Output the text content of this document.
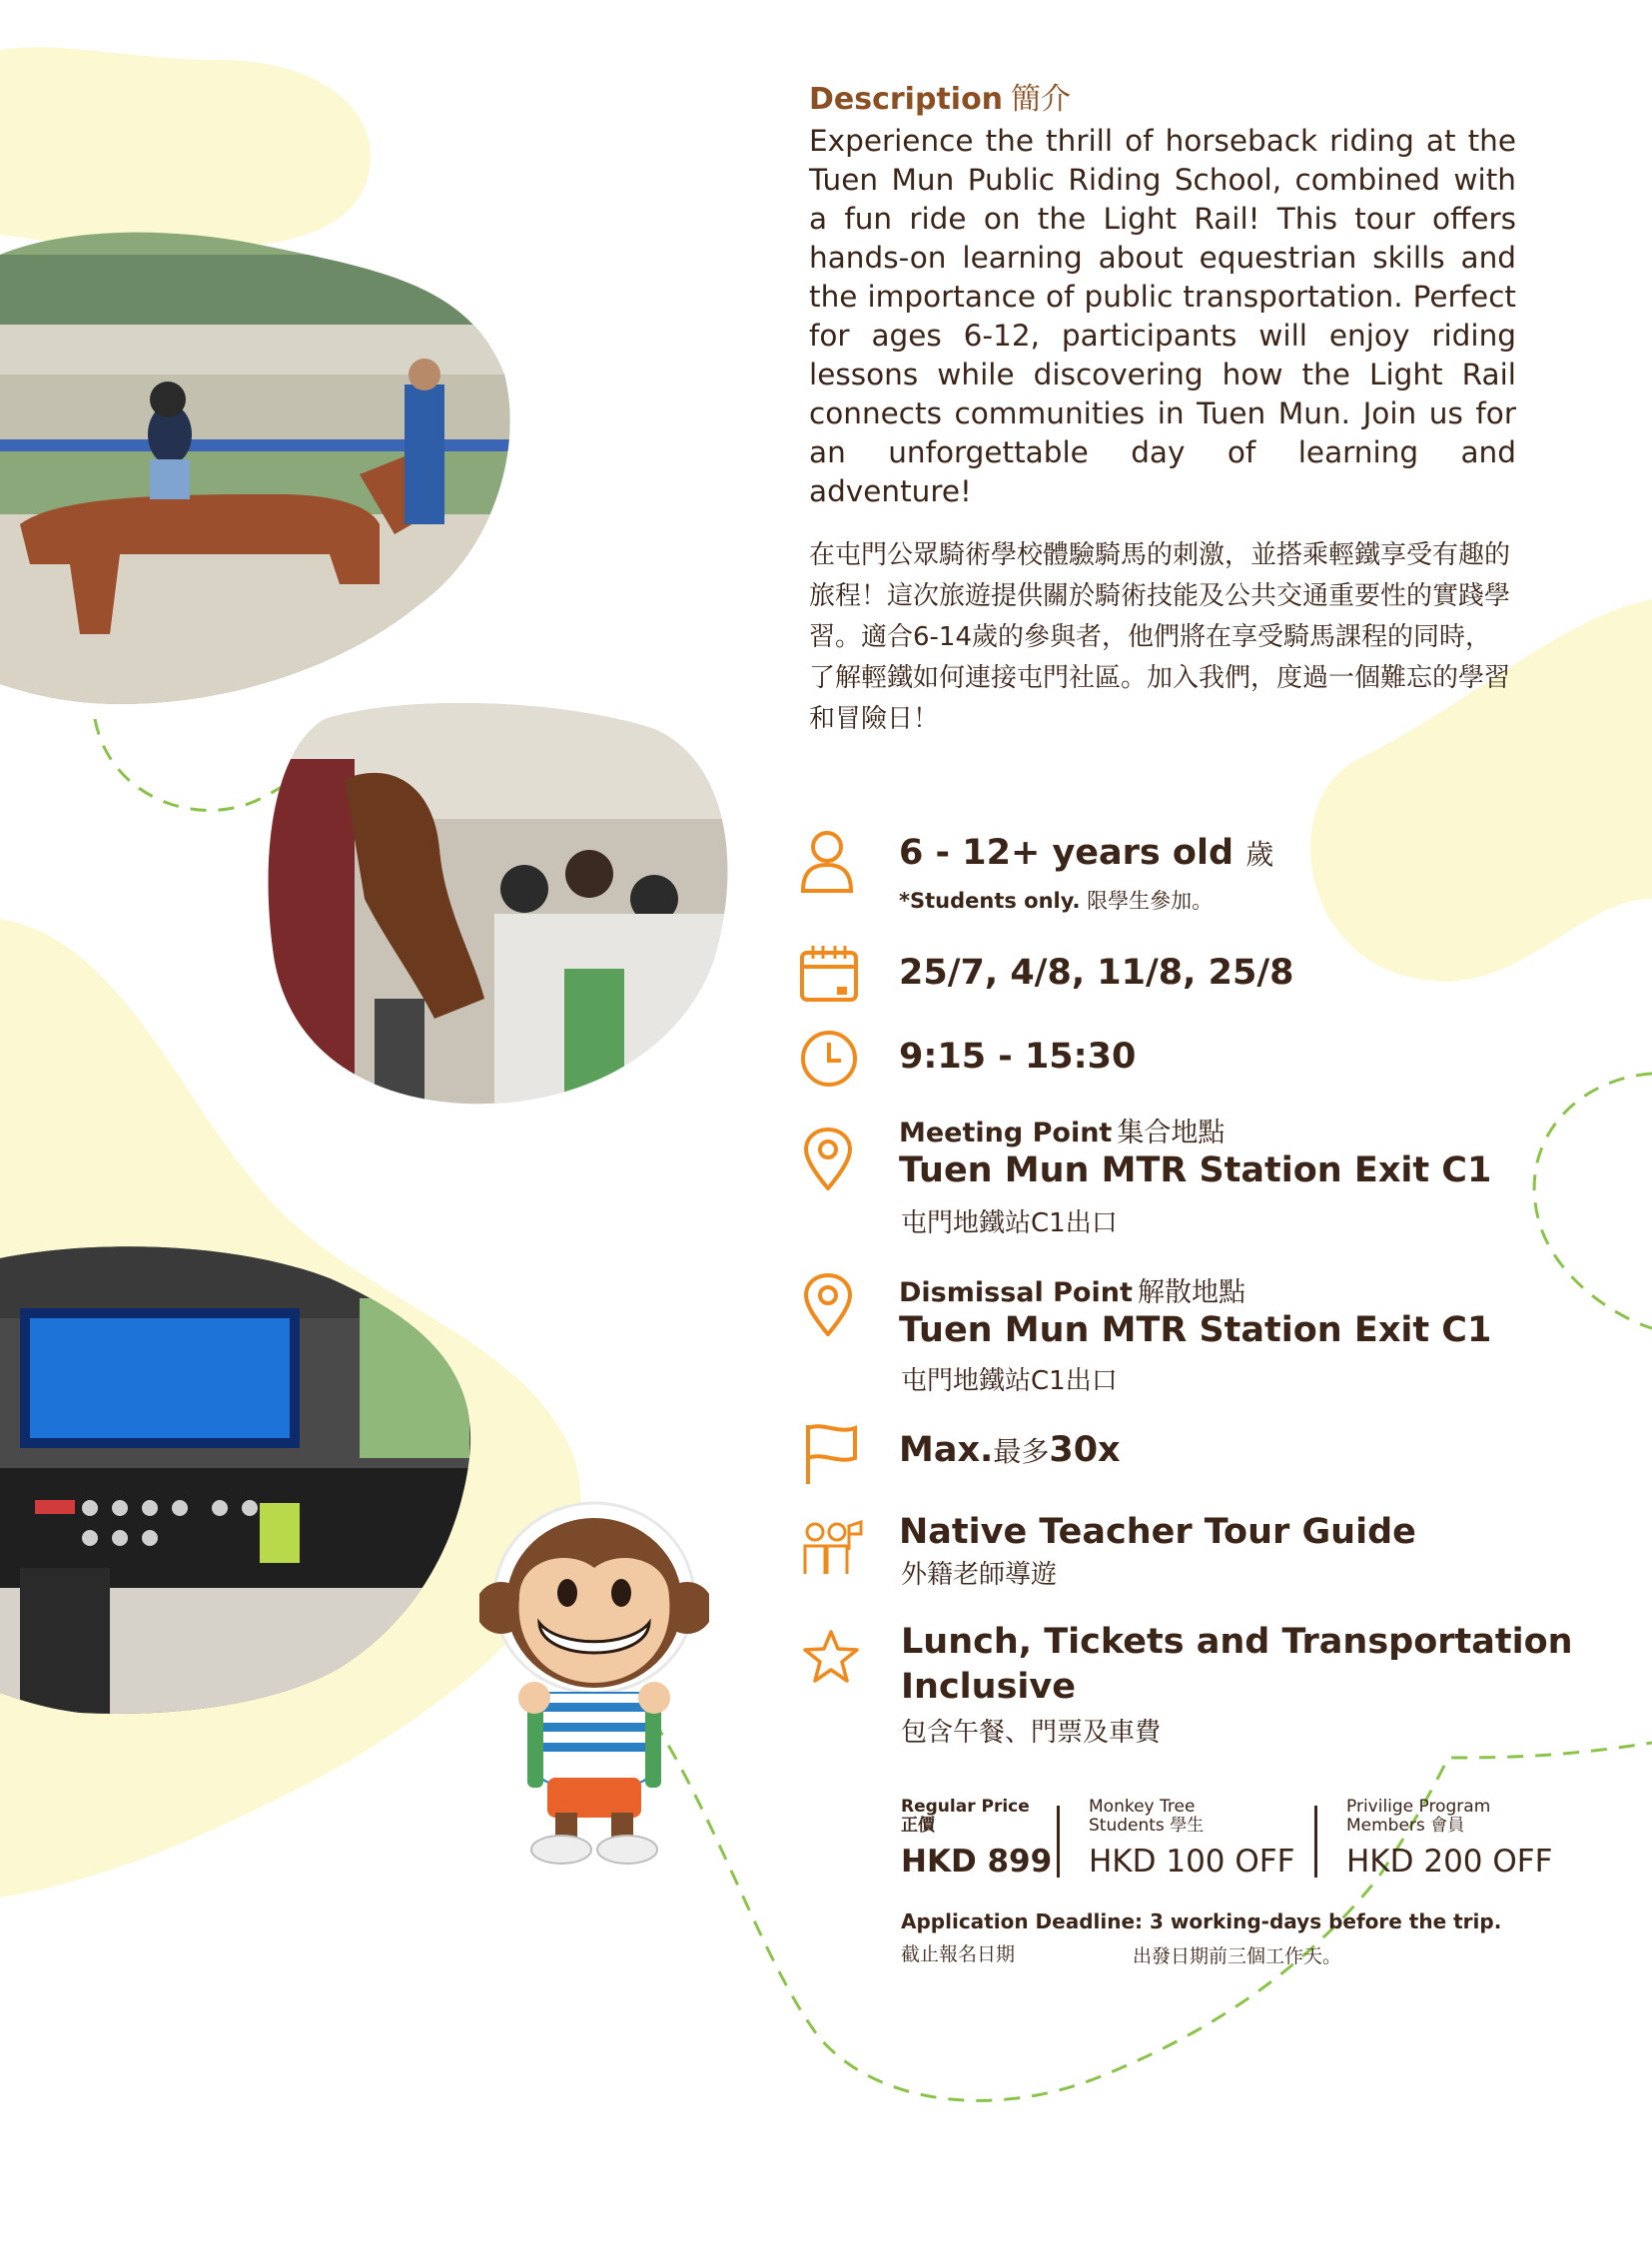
Description 簡介
Experience the thrill of horseback riding at the Tuen Mun Public Riding School, combined with a fun ride on the Light Rail! This tour offers hands-on learning about equestrian skills and the importance of public transportation. Perfect for ages 6-12, participants will enjoy riding lessons while discovering how the Light Rail connects communities in Tuen Mun. Join us for an unforgettable day of learning and adventure!
在屯門公眾騎術學校體驗騎馬的刺激，並搭乘輕鐵享受有趣的旅程！這次旅遊提供關於騎術技能及公共交通重要性的實踐學習。適合6-14歲的參與者，他們將在享受騎馬課程的同時，了解輕鐵如何連接屯門社區。加入我們，度過一個難忘的學習和冒險日！
6 - 12+ years old 歲
*Students only. 限學生參加。
25/7, 4/8, 11/8, 25/8
9:15 - 15:30
Meeting Point 集合地點
Tuen Mun MTR Station Exit C1
屯門地鐵站C1出口
Dismissal Point 解散地點
Tuen Mun MTR Station Exit C1
屯門地鐵站C1出口
Max.最多30x
Native Teacher Tour Guide
外籍老師導遊
Lunch, Tickets and Transportation
Inclusive
包含午餐、門票及車費
Regular Price
正價
HKD 899
Monkey Tree
Students 學生
HKD 100 OFF
Privilige Program
Members 會員
HKD 200 OFF
Application Deadline: 3 working-days before the trip.
截止報名日期	出發日期前三個工作天。
